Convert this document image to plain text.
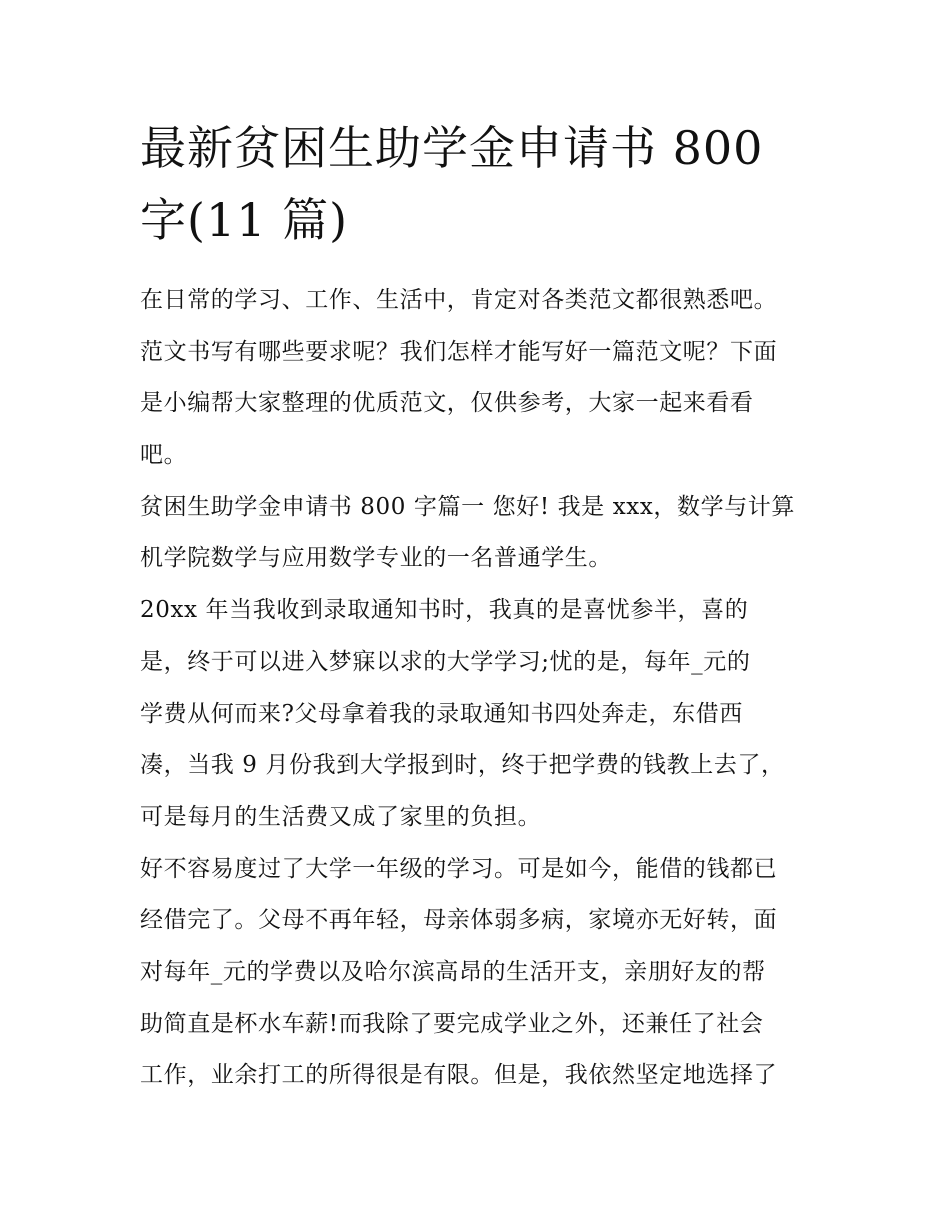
最新贫困生助学金申请书 800
字(11 篇)
在日常的学习、工作、生活中，肯定对各类范文都很熟悉吧。
范文书写有哪些要求呢？我们怎样才能写好一篇范文呢？下面
是小编帮大家整理的优质范文，仅供参考，大家一起来看看
吧。
贫困生助学金申请书 800 字篇一 您好! 我是 xxx，数学与计算
机学院数学与应用数学专业的一名普通学生。
20xx 年当我收到录取通知书时，我真的是喜忧参半，喜的
是，终于可以进入梦寐以求的大学学习;忧的是，每年_元的
学费从何而来?父母拿着我的录取通知书四处奔走，东借西
凑，当我 9 月份我到大学报到时，终于把学费的钱教上去了，
可是每月的生活费又成了家里的负担。
好不容易度过了大学一年级的学习。可是如今，能借的钱都已
经借完了。父母不再年轻，母亲体弱多病，家境亦无好转，面
对每年_元的学费以及哈尔滨高昂的生活开支，亲朋好友的帮
助简直是杯水车薪!而我除了要完成学业之外，还兼任了社会
工作，业余打工的所得很是有限。但是，我依然坚定地选择了
